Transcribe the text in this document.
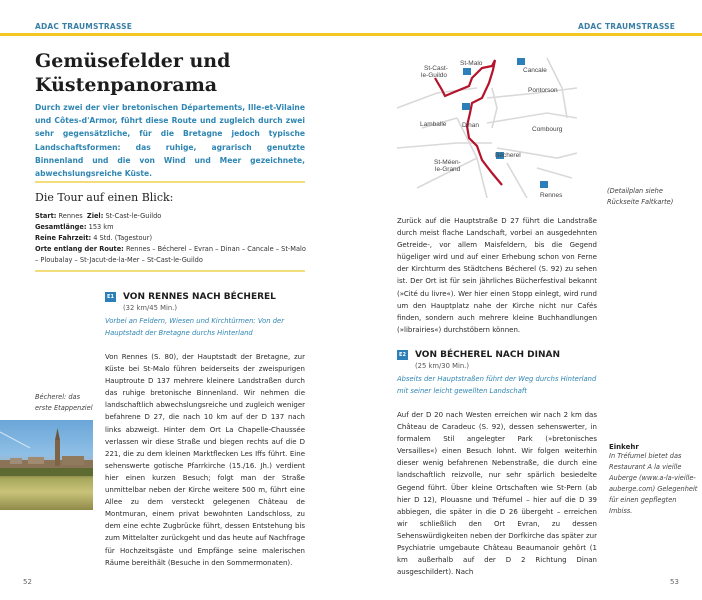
ADAC TRAUMSTRASSE
Gemüsefelder und
Küstenpanorama
Durch zwei der vier bretonischen Départements, Ille-et-Vilaine und Côtes-d'Armor, führt diese Route und zugleich durch zwei sehr gegensätzliche, für die Bretagne jedoch typische Landschaftsformen: das ruhige, agrarisch genutzte Binnenland und die von Wind und Meer gezeichnete, abwechslungsreiche Küste.
Die Tour auf einen Blick:
Start: Rennes Ziel: St-Cast-le-Guildo
Gesamtlänge: 153 km
Reine Fahrzeit: 4 Std. (Tagestour)
Orte entlang der Route: Rennes – Bécherel – Evran – Dinan – Cancale – St-Malo – Ploubalay – St-Jacut-de-la-Mer – St-Cast-le-Guildo
E1 VON RENNES NACH BÉCHEREL
(32 km/45 Min.)
Vorbei an Feldern, Wiesen und Kirchtürmen: Von der Hauptstadt der Bretagne durchs Hinterland
Von Rennes (S. 80), der Hauptstadt der Bretagne, zur Küste bei St-Malo führen beiderseits der zweispurigen Hauptroute D 137 mehrere kleinere Landstraßen durch das ruhige bretonische Binnenland. Wir nehmen die landschaftlich abwechslungsreiche und zugleich weniger befahrene D 27, die nach 10 km auf der D 137 nach links abzweigt. Hinter dem Ort La Chapelle-Chaussée verlassen wir diese Straße und biegen rechts auf die D 221, die zu dem kleinen Marktflecken Les Iffs führt. Eine sehenswerte gotische Pfarrkirche (15./16. Jh.) verdient hier einen kurzen Besuch; folgt man der Straße unmittelbar neben der Kirche weitere 500 m, führt eine Allee zu dem versteckt gelegenen Château de Montmuran, einem privat bewohnten Landschloss, zu dem eine echte Zugbrücke führt, dessen Entstehung bis zum Mittelalter zurückgeht und das heute auf Nachfrage für Hochzeitsgäste und Empfänge seine malerischen Räume bereithält (Besuche in den Sommermonaten).
Bécherel: das
erste Etappenziel
52
ADAC TRAUMSTRASSE
St-Cast-
le-Guildo
St-Malo
Cancale
Pontorson
Lamballe Dinan
Combourg
Bécherel
St-Méen-
le-Grand
Rennes
(Detailplan siehe
Rückseite Faltkarte)
Zurück auf die Hauptstraße D 27 führt die Landstraße durch meist flache Landschaft, vorbei an ausgedehnten Getreide-, vor allem Maisfeldern, bis die Gegend hügeliger wird und auf einer Erhebung schon von Ferne der Kirchturm des Städtchens Bécherel (S. 92) zu sehen ist. Der Ort ist für sein jährliches Bücherfestival bekannt (»Cité du livre«). Wer hier einen Stopp einlegt, wird rund um den Hauptplatz nahe der Kirche nicht nur Cafés finden, sondern auch mehrere kleine Buchhandlungen (»librairies«) durchstöbern können.
E2 VON BÉCHEREL NACH DINAN
(25 km/30 Min.)
Abseits der Hauptstraßen führt der Weg durchs Hinterland mit seiner leicht gewellten Landschaft
Auf der D 20 nach Westen erreichen wir nach 2 km das Château de Caradeuc (S. 92), dessen sehenswerter, in formalem Stil angelegter Park (»bretonisches Versailles«) einen Besuch lohnt. Wir folgen weiterhin dieser wenig befahrenen Nebenstraße, die durch eine landschaftlich reizvolle, nur sehr spärlich besiedelte Gegend führt. Über kleine Ortschaften wie St-Pern (ab hier D 12), Plouasne und Tréfumel – hier auf die D 39 abbiegen, die später in die D 26 übergeht – erreichen wir schließlich den Ort Evran, zu dessen Sehenswürdigkeiten neben der Dorfkirche das später zur Psychiatrie umgebaute Château Beaumanoir gehört (1 km außerhalb auf der D 2 Richtung Dinan ausgeschildert). Nach
Einkehr
In Tréfumel bietet das Restaurant A la vieille Auberge (www.a-la-vieille-auberge.com) Gelegenheit für einen gepflegten Imbiss.
53
